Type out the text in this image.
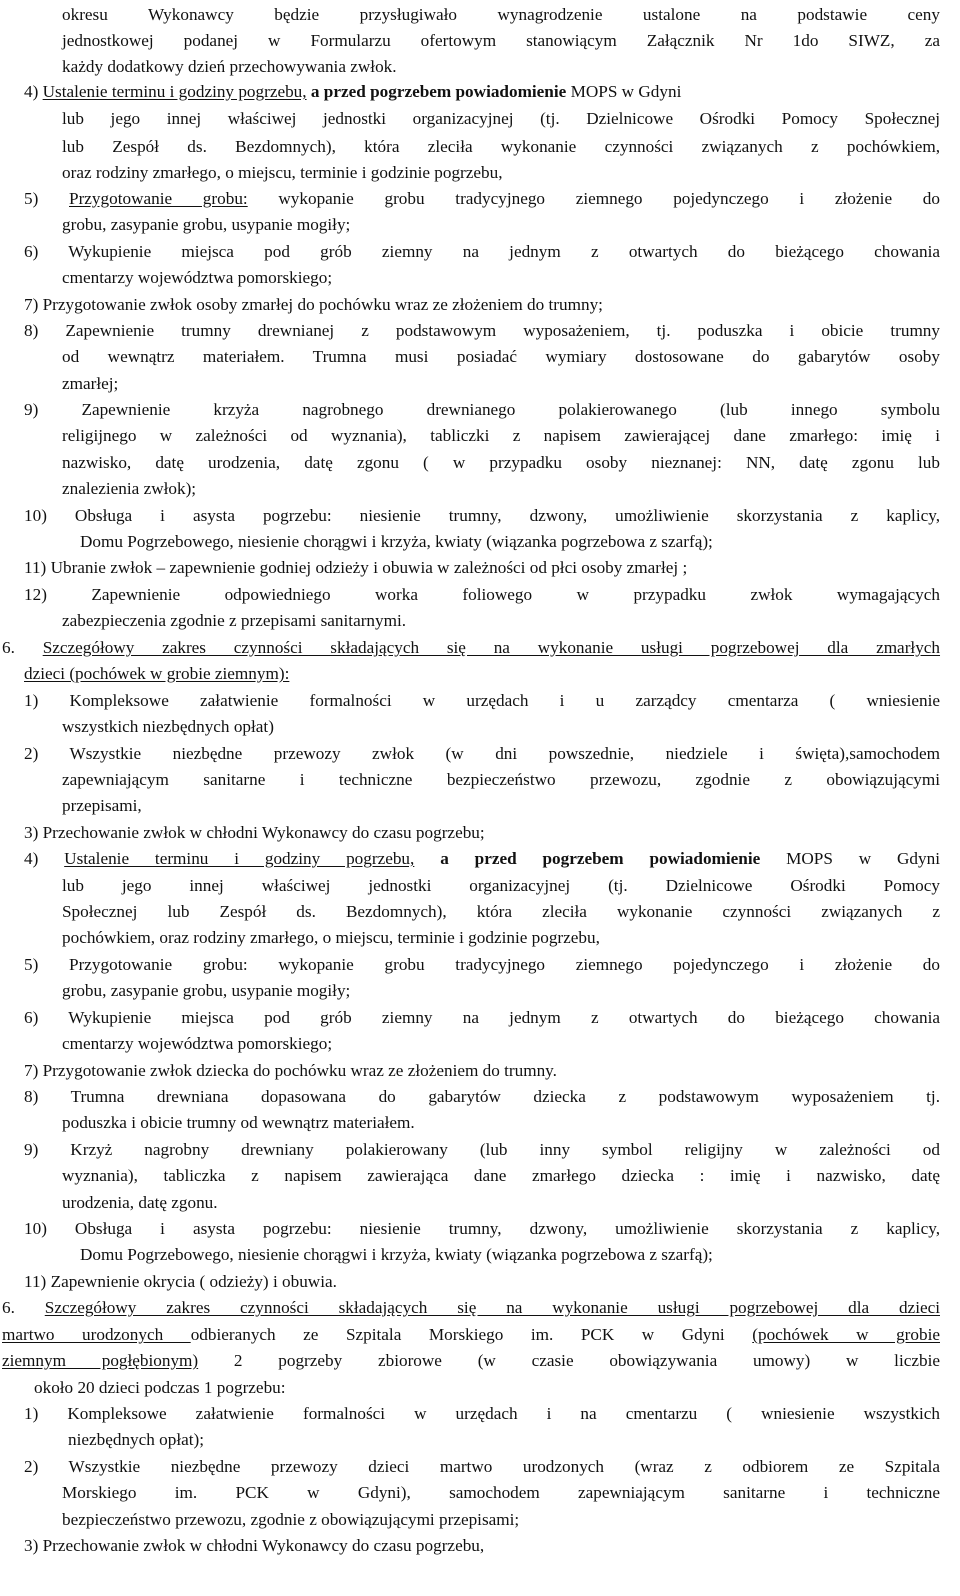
okresu Wykonawcy będzie przysługiwało wynagrodzenie ustalone na podstawie ceny
jednostkowej podanej w Formularzu ofertowym stanowiącym Załącznik Nr 1do SIWZ, za
każdy dodatkowy dzień przechowywania zwłok.
4) Ustalenie terminu i godziny pogrzebu, a przed pogrzebem powiadomienie MOPS w Gdyni
lub jego innej właściwej jednostki organizacyjnej (tj. Dzielnicowe Ośrodki Pomocy Społecznej
lub Zespół ds. Bezdomnych), która zleciła wykonanie czynności związanych z pochówkiem,
oraz rodziny zmarłego, o miejscu, terminie i godzinie pogrzebu,
5) Przygotowanie grobu: wykopanie grobu tradycyjnego ziemnego pojedynczego i złożenie do
grobu, zasypanie grobu, usypanie mogiły;
6) Wykupienie miejsca pod grób ziemny na jednym z otwartych do bieżącego chowania
cmentarzy województwa pomorskiego;
7) Przygotowanie zwłok osoby zmarłej do pochówku wraz ze złożeniem do trumny;
8) Zapewnienie trumny drewnianej z podstawowym wyposażeniem, tj. poduszka i obicie trumny
od wewnątrz materiałem. Trumna musi posiadać wymiary dostosowane do gabarytów osoby
zmarłej;
9) Zapewnienie krzyża nagrobnego drewnianego polakierowanego (lub innego symbolu
religijnego w zależności od wyznania), tabliczki z napisem zawierającej dane zmarłego: imię i
nazwisko, datę urodzenia, datę zgonu ( w przypadku osoby nieznanej: NN, datę zgonu lub
znalezienia zwłok);
10) Obsługa i asysta pogrzebu: niesienie trumny, dzwony, umożliwienie skorzystania z kaplicy,
Domu Pogrzebowego, niesienie chorągwi i krzyża, kwiaty (wiązanka pogrzebowa z szarfą);
11) Ubranie zwłok – zapewnienie godniej odzieży i obuwia w zależności od płci osoby zmarłej ;
12) Zapewnienie odpowiedniego worka foliowego w przypadku zwłok wymagających
zabezpieczenia zgodnie z przepisami sanitarnymi.
6. Szczegółowy zakres czynności składających się na wykonanie usługi pogrzebowej dla zmarłych
dzieci (pochówek w grobie ziemnym):
1) Kompleksowe załatwienie formalności w urzędach i u zarządcy cmentarza ( wniesienie
wszystkich niezbędnych opłat)
2) Wszystkie niezbędne przewozy zwłok (w dni powszednie, niedziele i święta),samochodem
zapewniającym sanitarne i techniczne bezpieczeństwo przewozu, zgodnie z obowiązującymi
przepisami,
3) Przechowanie zwłok w chłodni Wykonawcy do czasu pogrzebu;
4) Ustalenie terminu i godziny pogrzebu, a przed pogrzebem powiadomienie MOPS w Gdyni
lub jego innej właściwej jednostki organizacyjnej (tj. Dzielnicowe Ośrodki Pomocy
Społecznej lub Zespół ds. Bezdomnych), która zleciła wykonanie czynności związanych z
pochówkiem, oraz rodziny zmarłego, o miejscu, terminie i godzinie pogrzebu,
5) Przygotowanie grobu: wykopanie grobu tradycyjnego ziemnego pojedynczego i złożenie do
grobu, zasypanie grobu, usypanie mogiły;
6) Wykupienie miejsca pod grób ziemny na jednym z otwartych do bieżącego chowania
cmentarzy województwa pomorskiego;
7) Przygotowanie zwłok dziecka do pochówku wraz ze złożeniem do trumny.
8) Trumna drewniana dopasowana do gabarytów dziecka z podstawowym wyposażeniem tj.
poduszka i obicie trumny od wewnątrz materiałem.
9) Krzyż nagrobny drewniany polakierowany (lub inny symbol religijny w zależności od
wyznania), tabliczka z napisem zawierająca dane zmarłego dziecka : imię i nazwisko, datę
urodzenia, datę zgonu.
10) Obsługa i asysta pogrzebu: niesienie trumny, dzwony, umożliwienie skorzystania z kaplicy,
Domu Pogrzebowego, niesienie chorągwi i krzyża, kwiaty (wiązanka pogrzebowa z szarfą);
11) Zapewnienie okrycia ( odzieży) i obuwia.
6. Szczegółowy zakres czynności składających się na wykonanie usługi pogrzebowej dla dzieci
martwo urodzonych odbieranych ze Szpitala Morskiego im. PCK w Gdyni (pochówek w grobie
ziemnym pogłębionym) 2 pogrzeby zbiorowe (w czasie obowiązywania umowy) w liczbie
około 20 dzieci podczas 1 pogrzebu:
1) Kompleksowe załatwienie formalności w urzędach i na cmentarzu ( wniesienie wszystkich
niezbędnych opłat);
2) Wszystkie niezbędne przewozy dzieci martwo urodzonych (wraz z odbiorem ze Szpitala
Morskiego im. PCK w Gdyni), samochodem zapewniającym sanitarne i techniczne
bezpieczeństwo przewozu, zgodnie z obowiązującymi przepisami;
3) Przechowanie zwłok w chłodni Wykonawcy do czasu pogrzebu,
